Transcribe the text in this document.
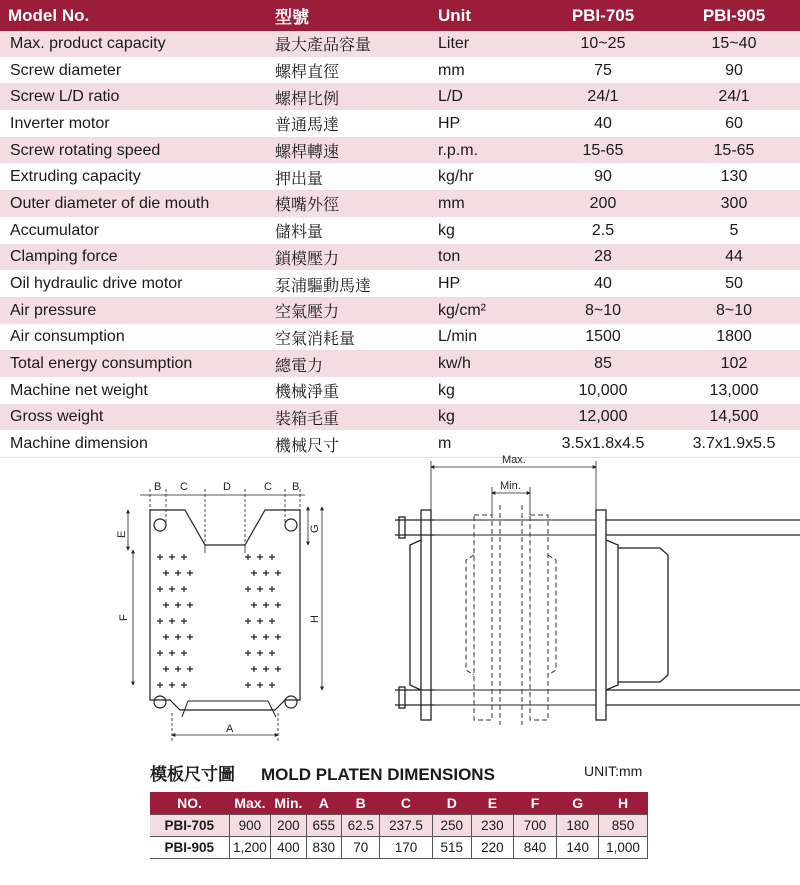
Model No.	型號	Unit	PBI-705	PBI-905
Max. product capacity	最大產品容量	Liter	10~25	15~40
Screw diameter	螺桿直徑	mm	75	90
Screw L/D ratio	螺桿比例	L/D	24/1	24/1
Inverter motor	普通馬達	HP	40	60
Screw rotating speed	螺桿轉速	r.p.m.	15-65	15-65
Extruding capacity	押出量	kg/hr	90	130
Outer diameter of die mouth	模嘴外徑	mm	200	300
Accumulator	儲料量	kg	2.5	5
Clamping force	鎖模壓力	ton	28	44
Oil hydraulic drive motor	泵浦驅動馬達	HP	40	50
Air pressure	空氣壓力	kg/cm²	8~10	8~10
Air consumption	空氣消耗量	L/min	1500	1800
Total energy consumption	總電力	kw/h	85	102
Machine net weight	機械淨重	kg	10,000	13,000
Gross weight	裝箱毛重	kg	12,000	14,500
Machine dimension	機械尺寸	m	3.5x1.8x4.5	3.7x1.9x5.5
B C	D	C B
E
F
G
H
A
Max.
Min.
模板尺寸圖 MOLD PLATEN DIMENSIONS	UNIT:mm
NO.	Max.	Min.	A	B	C	D	E	F	G	H
PBI-705	900	200	655	62.5	237.5	250	230	700	180	850
PBI-905	1,200	400	830	70	170	515	220	840	140	1,000
